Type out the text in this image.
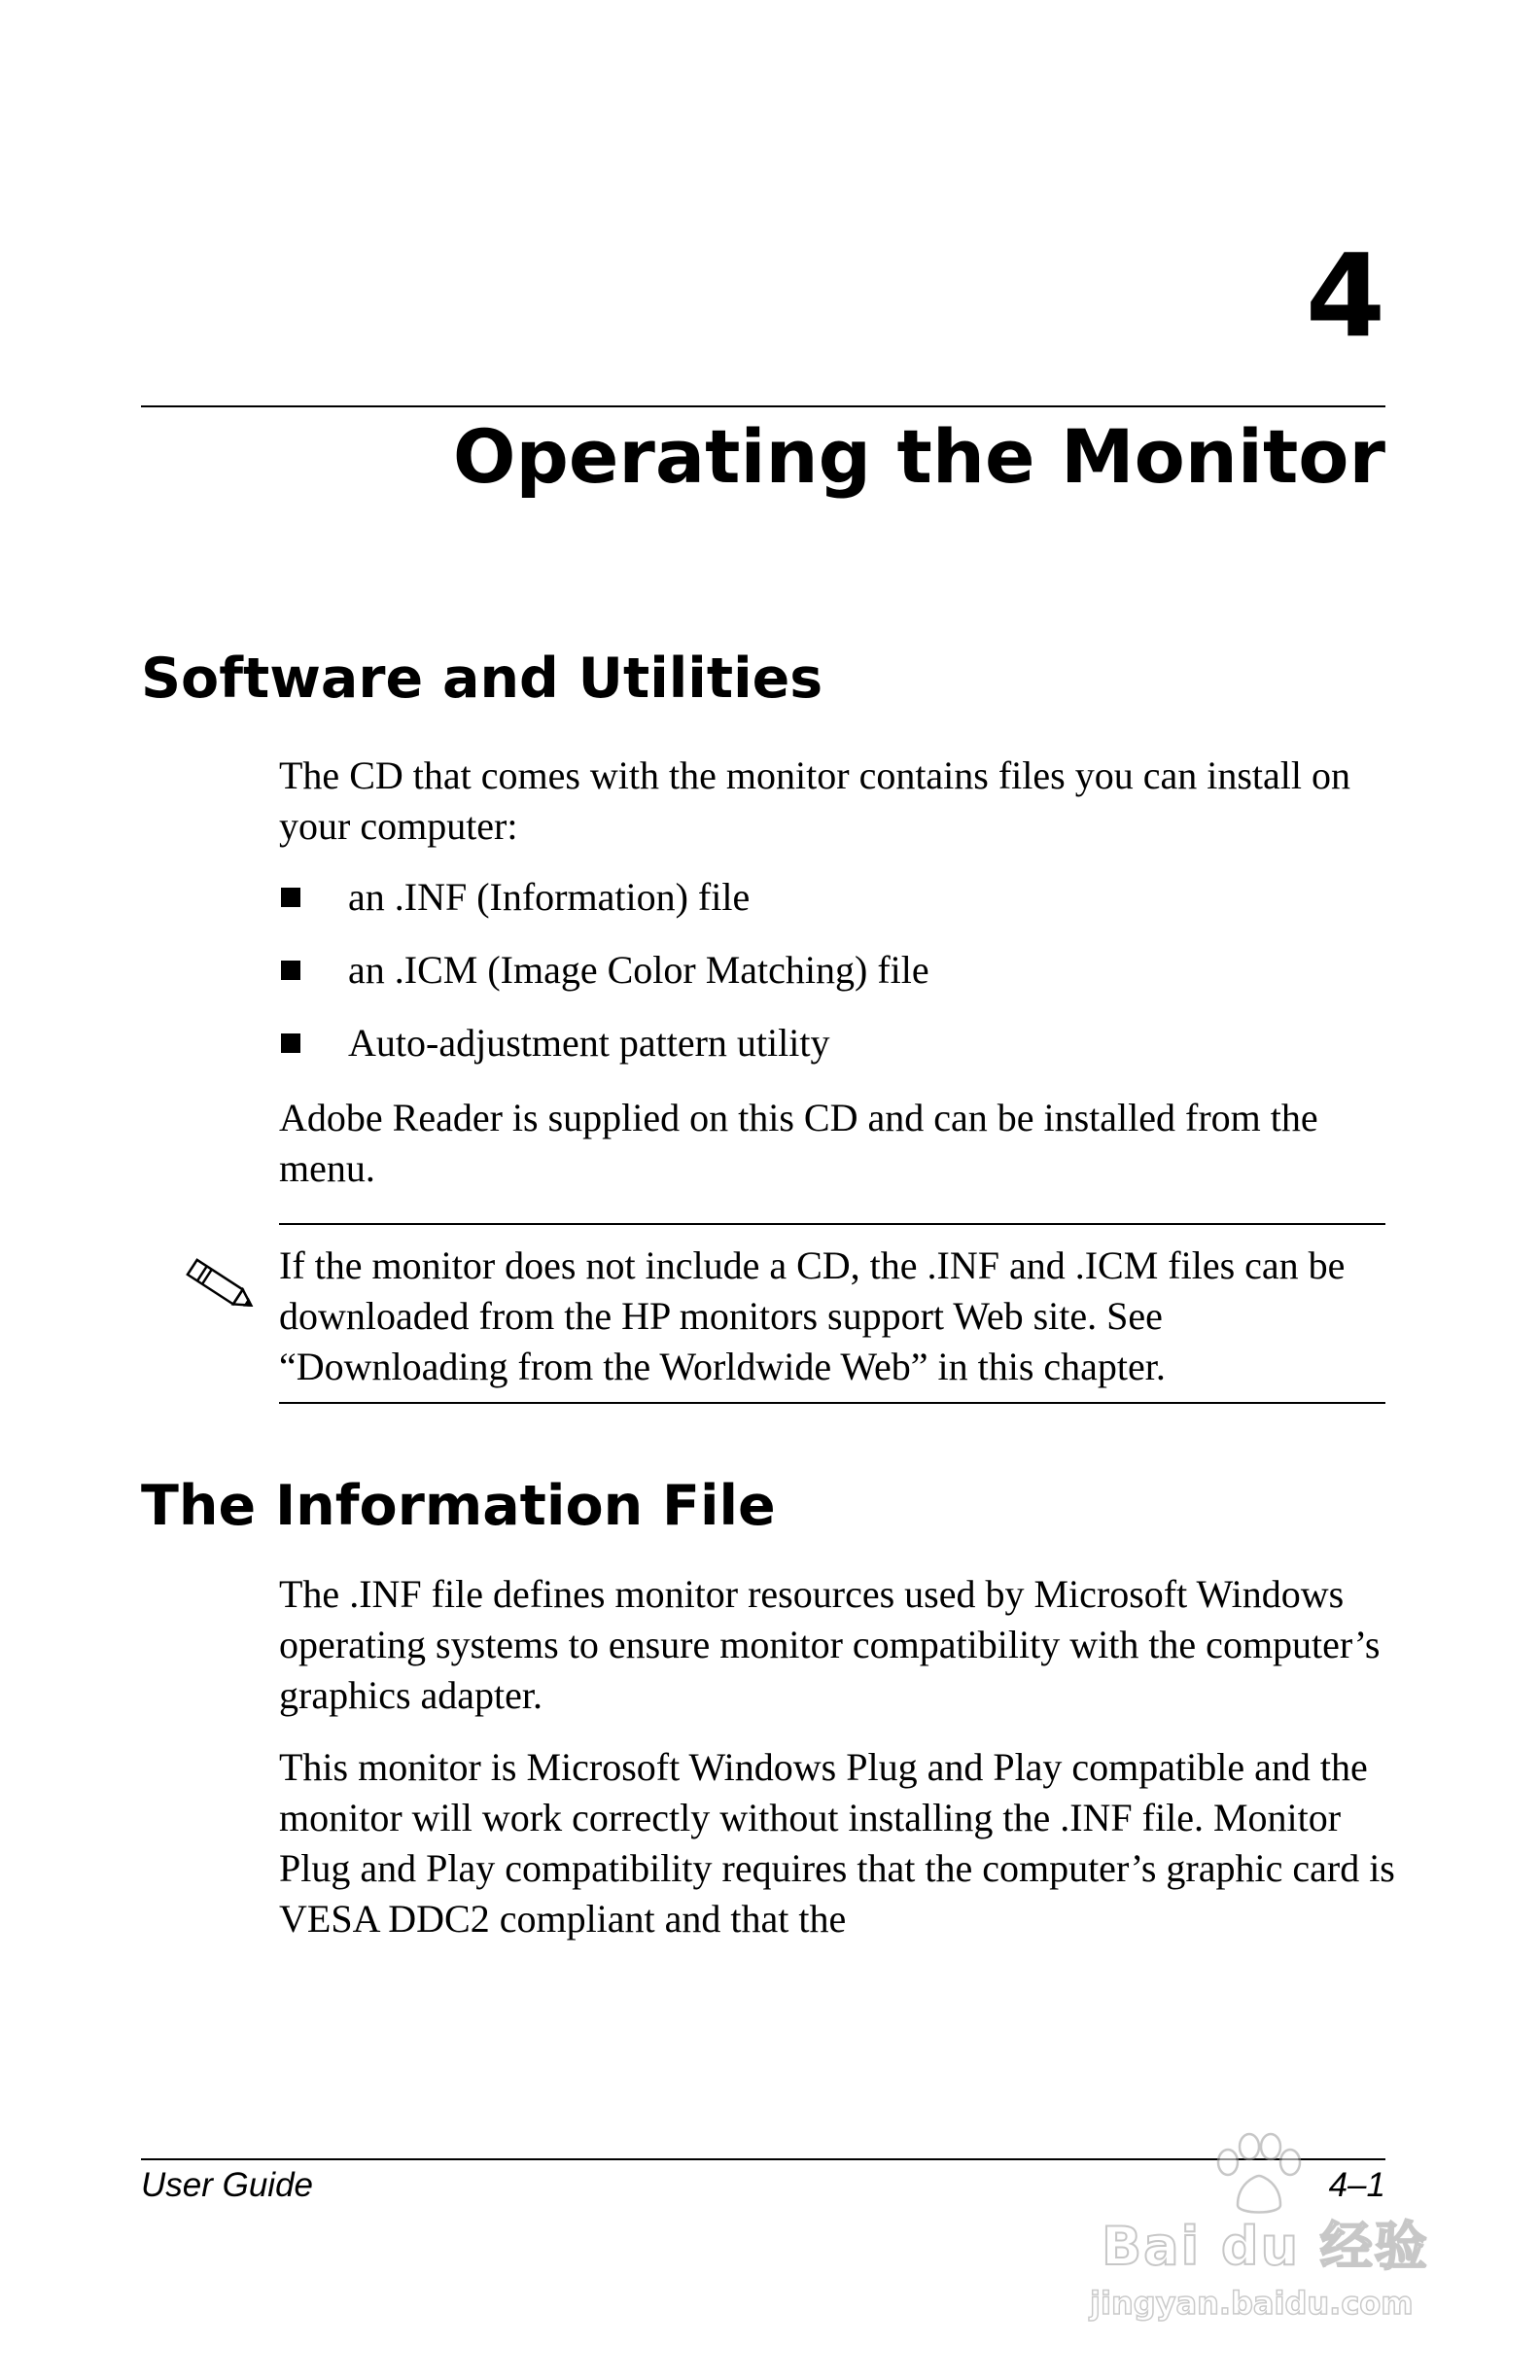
4
Operating the Monitor
Software and Utilities

The CD that comes with the monitor contains files you can install on your computer:

an .INF (Information) file
an .ICM (Image Color Matching) file
Auto-adjustment pattern utility

Adobe Reader is supplied on this CD and can be installed from the menu.

If the monitor does not include a CD, the .INF and .ICM files can be downloaded from the HP monitors support Web site. See “Downloading from the Worldwide Web” in this chapter.

The Information File

The .INF file defines monitor resources used by Microsoft Windows operating systems to ensure monitor compatibility with the computer’s graphics adapter.

This monitor is Microsoft Windows Plug and Play compatible and the monitor will work correctly without installing the .INF file. Monitor Plug and Play compatibility requires that the computer’s graphic card is VESA DDC2 compliant and that the

User Guide	4–1

Bai du 经验
jingyan.baidu.com
